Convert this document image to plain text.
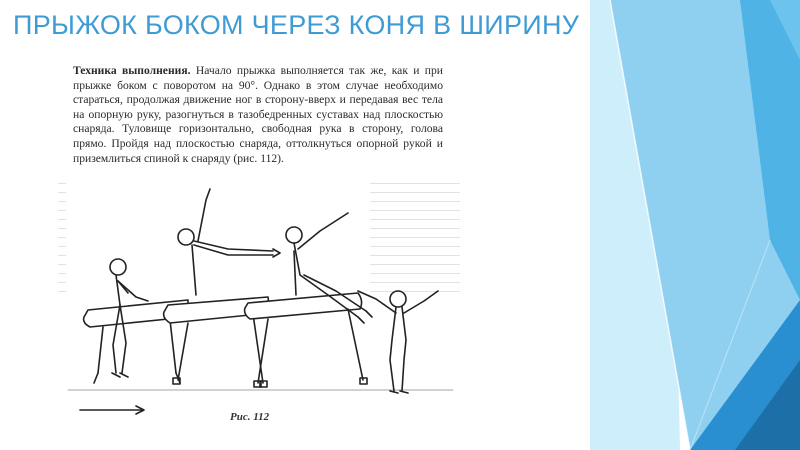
ПРЫЖОК БОКОМ ЧЕРЕЗ КОНЯ В ШИРИНУ
Техника выполнения. Начало прыжка выполняется так же, как и при прыжке боком с поворотом на 90°. Однако в этом случае необходимо стараться, продолжая движение ног в сторону-вверх и передавая вес тела на опорную руку, разогнуться в тазобедренных суставах над плоскостью снаряда. Туловище горизонтально, свободная рука в сторону, голова прямо. Пройдя над плоскостью снаряда, оттолкнуться опорной рукой и приземлиться спиной к снаряду (рис. 112).
Рис. 112
